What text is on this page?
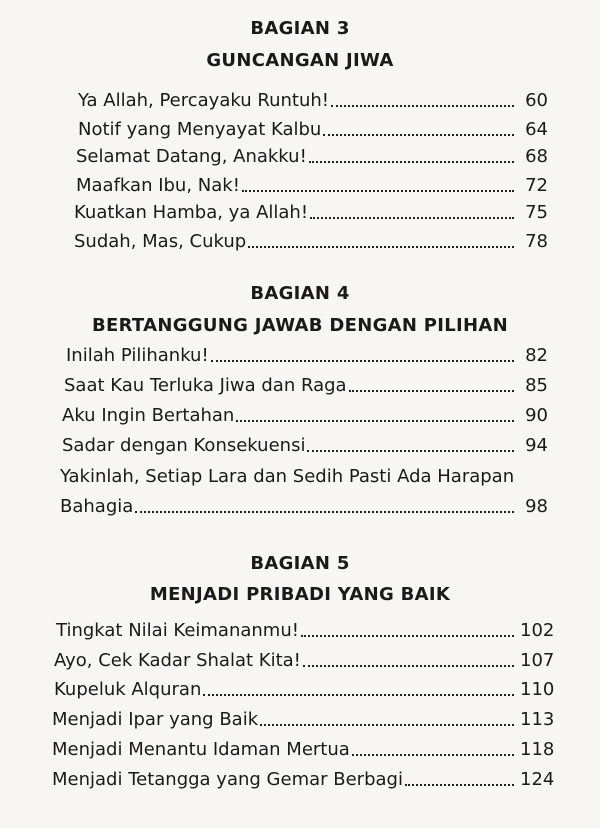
BAGIAN 3
GUNCANGAN JIWA
Ya Allah, Percayaku Runtuh!	60
Notif yang Menyayat Kalbu	64
Selamat Datang, Anakku!	68
Maafkan Ibu, Nak!	72
Kuatkan Hamba, ya Allah!	75
Sudah, Mas, Cukup	78
BAGIAN 4
BERTANGGUNG JAWAB DENGAN PILIHAN
Inilah Pilihanku!	82
Saat Kau Terluka Jiwa dan Raga	85
Aku Ingin Bertahan	90
Sadar dengan Konsekuensi	94
Yakinlah, Setiap Lara dan Sedih Pasti Ada Harapan
Bahagia	98
BAGIAN 5
MENJADI PRIBADI YANG BAIK
Tingkat Nilai Keimananmu!	102
Ayo, Cek Kadar Shalat Kita!	107
Kupeluk Alquran	110
Menjadi Ipar yang Baik	113
Menjadi Menantu Idaman Mertua	118
Menjadi Tetangga yang Gemar Berbagi	124
